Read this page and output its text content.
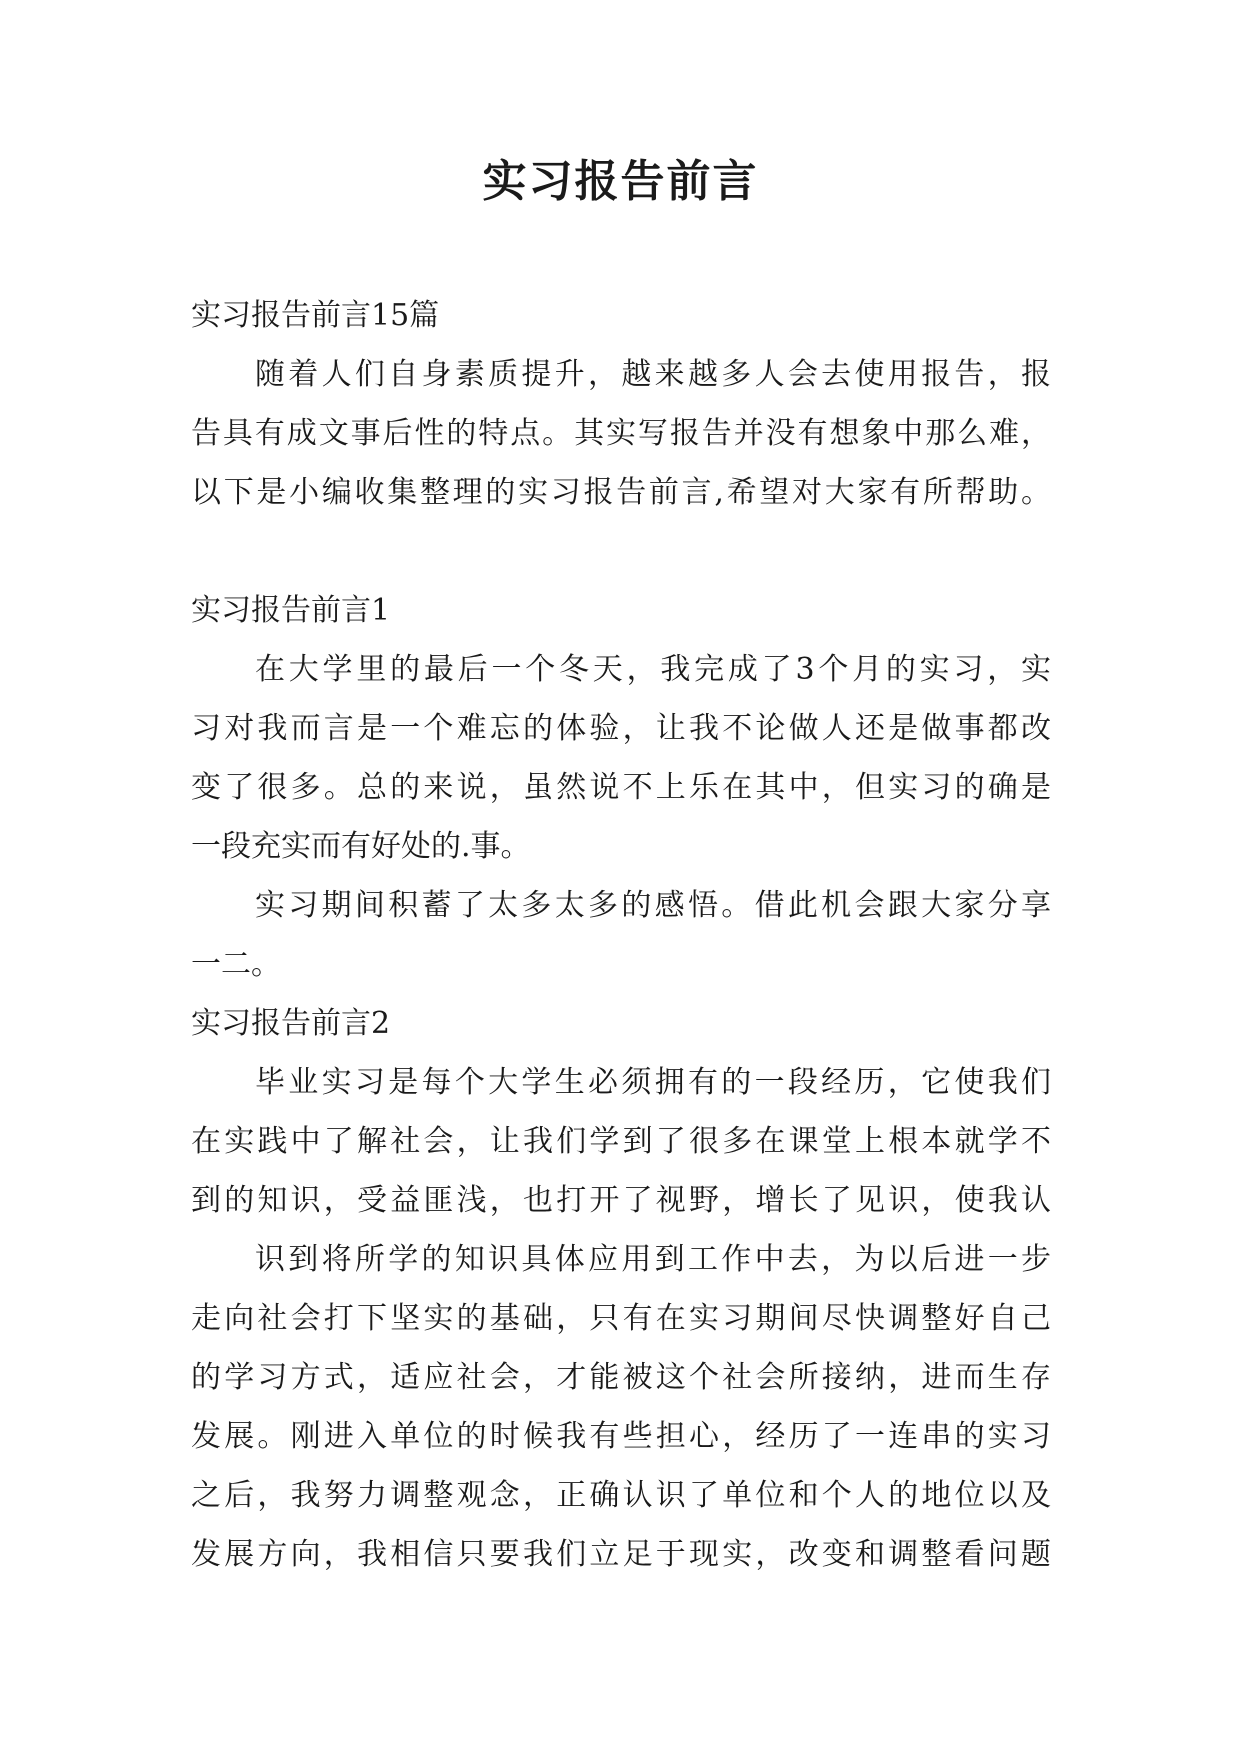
实习报告前言
实习报告前言15篇
随着人们自身素质提升，越来越多人会去使用报告，报
告具有成文事后性的特点。其实写报告并没有想象中那么难，
以下是小编收集整理的实习报告前言,希望对大家有所帮助。
实习报告前言1
在大学里的最后一个冬天，我完成了3个月的实习，实
习对我而言是一个难忘的体验，让我不论做人还是做事都改
变了很多。总的来说，虽然说不上乐在其中，但实习的确是
一段充实而有好处的.事。
实习期间积蓄了太多太多的感悟。借此机会跟大家分享
一二。
实习报告前言2
毕业实习是每个大学生必须拥有的一段经历，它使我们
在实践中了解社会，让我们学到了很多在课堂上根本就学不
到的知识，受益匪浅，也打开了视野，增长了见识，使我认
识到将所学的知识具体应用到工作中去，为以后进一步
走向社会打下坚实的基础，只有在实习期间尽快调整好自己
的学习方式，适应社会，才能被这个社会所接纳，进而生存
发展。刚进入单位的时候我有些担心，经历了一连串的实习
之后，我努力调整观念，正确认识了单位和个人的地位以及
发展方向，我相信只要我们立足于现实，改变和调整看问题
